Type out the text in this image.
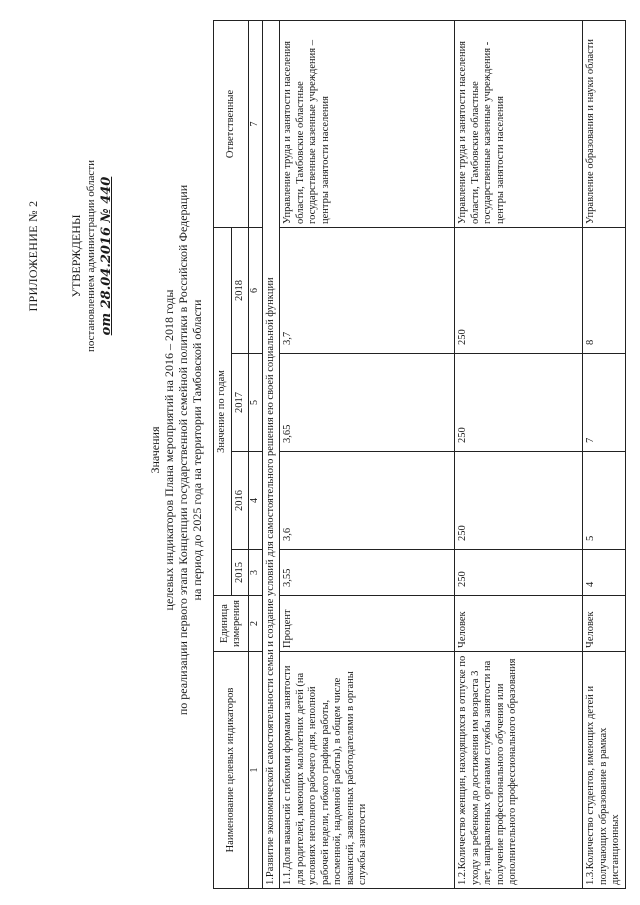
ПРИЛОЖЕНИЕ № 2 УТВЕРЖДЕНЫ постановлением администрации области от 28.04.2016 № 440
Значения целевых индикаторов Плана мероприятий на 2016 – 2018 годы по реализации первого этапа Концепции государственной семейной политики в Российской Федерации на период до 2025 года на территории Тамбовской области
Наименование целевых индикаторов	Единица измерения	Значение по годам				Ответственные
		2015	2016	2017	2018	
1	2	3	4	5	6	7
1.Развитие экономической самостоятельности семьи и создание условий для самостоятельного решения ею своей социальной функции						
1.1.Доля вакансий с гибкими формами занятости для родителей, имеющих малолетних детей (на условиях неполного рабочего дня, неполной рабочей недели, гибкого графика работы, посменной, надомной работы), в общем числе вакансий, заявленных работодателями в органы службы занятости	Процент	3,55	3,6	3,65	3,7	Управление труда и занятости населения области, Тамбовские областные государственные казенные учреждения – центры занятости населения
1.2.Количество женщин, находящихся в отпуске по уходу за ребенком до достижения им возраста 3 лет, направленных органами службы занятости на получение профессионального обучения или дополнительного профессионального образования	Человек	250	250	250	250	Управление труда и занятости населения области, Тамбовские областные государственные казенные учреждения - центры занятости населения
1.3.Количество студентов, имеющих детей и получающих образование в рамках дистанционных	Человек	4	5	7	8	Управление образования и науки области
